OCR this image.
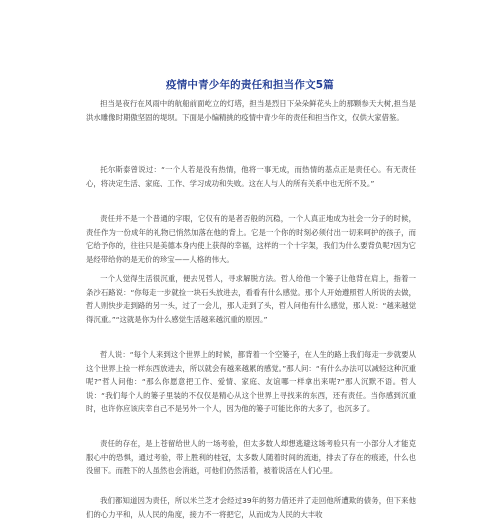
疫情中青少年的责任和担当作文5篇
担当是夜行在风雨中的航船前面屹立的灯塔，担当是烈日下朵朵鲜花头上的那颗参天大树,担当是洪水雕像时期傲坚固的堤坝。下面是小编精挑的疫情中青少年的责任和担当作文，仅供大家借鉴。
托尔斯泰曾说过：“一个人若是没有热情，他将一事无成，而热情的基点正是责任心。有无责任心，将决定生活、家庭、工作、学习成功和失败。这在人与人的所有关系中也无所不及。”
责任并不是一个普通的字眼，它仅有的是者否般的沉稳，一个人真正地成为社会一分子的时候，责任作为一份成年的礼物已悄然加落在他的背上。它是一个你的时刻必须付出一切来呵护的孩子，而它给予你的，往往只是美德本身内使上获得的幸福，这样的一个十字架，我们为什么要背负呢?因为它是经带给你的是无价的珍宝——人格的伟大。
一个人觉得生活很沉重，便去见哲人，寻求解脱方法。哲人给他一个篓子让他背在肩上，指着一条沙石路说：“你每走一步就捡一块石头放进去，看看有什么感觉。那个人开始遵照哲人所说的去做，哲人则快步走到路的另一头，过了一会儿，那人走到了头，哲人问他有什么感觉，那人说：“越来越觉得沉重。”“这就是你为什么感觉生活越来越沉重的原因。”
哲人说：“每个人来到这个世界上的时候，都背着一个空篓子，在人生的路上我们每走一步就要从这个世界上捡一样东西放进去，所以就会有越来越累的感觉。”那人问：“有什么办法可以减轻这种沉重呢?”哲人问他：“那么你愿意把工作、爱情、家庭、友谊哪一样拿出来呢?”那人沉默不语。哲人说：“我们每个人的篓子里装的不仅仅是精心从这个世界上寻找来的东西，还有责任。当你感到沉重时，也许你应该庆幸自己不是另外一个人，因为他的篓子可能比你的大多了，也沉多了。
责任的存在，是上苍留给世人的一场考验，但太多数人却想逃避这场考验只有一小部分人才能克服心中的恐惧，通过考验，带上胜利的桂冠，太多数人随着时间的流逝，排去了存在的痕迹，什么也没留下。而胜下的人虽然也会消逝，可他们仍然活着，被着说活在人们心里。
我们都知道因为责任，所以米兰芝才会经过39年的努力借还并了走回他所遭欺的债务，但下来他们的心力平和，从人民的角度，接力不一将把它，从而成为人民的大丰收
